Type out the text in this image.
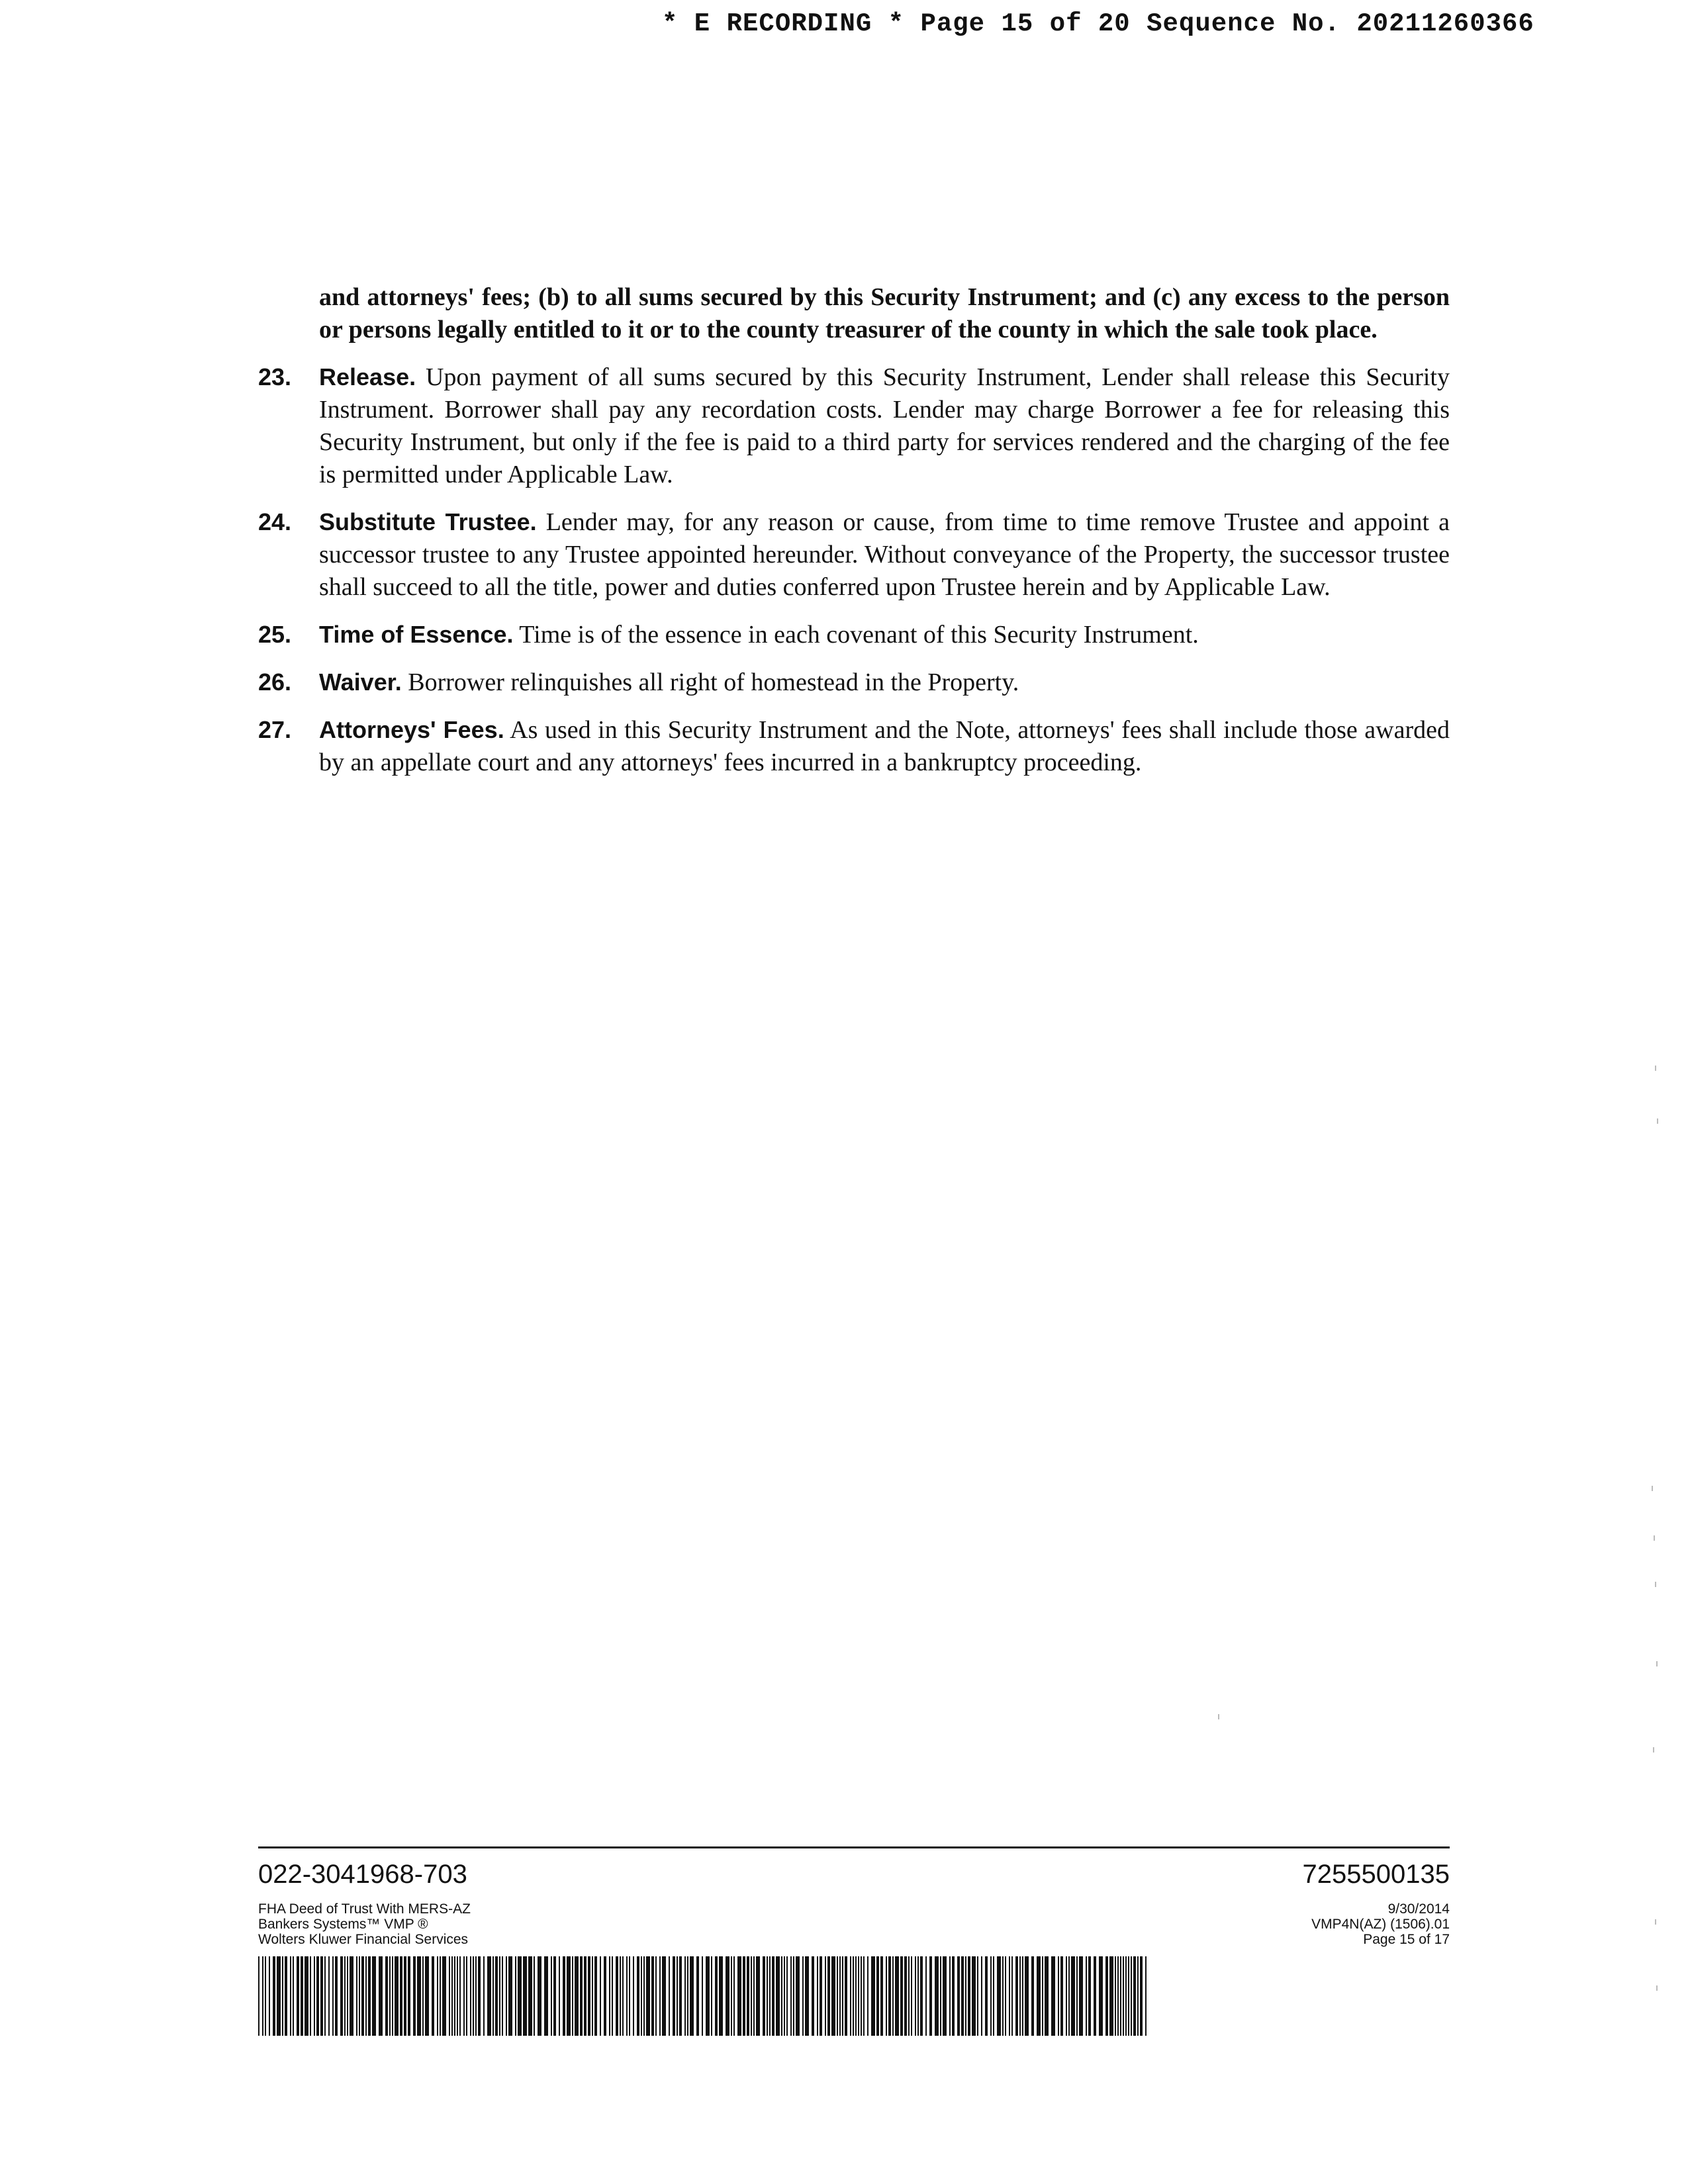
* E RECORDING * Page 15 of 20 Sequence No. 20211260366
and attorneys' fees; (b) to all sums secured by this Security Instrument; and (c) any excess to the person or persons legally entitled to it or to the county treasurer of the county in which the sale took place.
23. Release. Upon payment of all sums secured by this Security Instrument, Lender shall release this Security Instrument. Borrower shall pay any recordation costs. Lender may charge Borrower a fee for releasing this Security Instrument, but only if the fee is paid to a third party for services rendered and the charging of the fee is permitted under Applicable Law.
24. Substitute Trustee. Lender may, for any reason or cause, from time to time remove Trustee and appoint a successor trustee to any Trustee appointed hereunder. Without conveyance of the Property, the successor trustee shall succeed to all the title, power and duties conferred upon Trustee herein and by Applicable Law.
25. Time of Essence. Time is of the essence in each covenant of this Security Instrument.
26. Waiver. Borrower relinquishes all right of homestead in the Property.
27. Attorneys' Fees. As used in this Security Instrument and the Note, attorneys' fees shall include those awarded by an appellate court and any attorneys' fees incurred in a bankruptcy proceeding.
022-3041968-703	7255500135
FHA Deed of Trust With MERS-AZ
Bankers Systems™ VMP ®
Wolters Kluwer Financial Services
9/30/2014
VMP4N(AZ) (1506).01
Page 15 of 17
